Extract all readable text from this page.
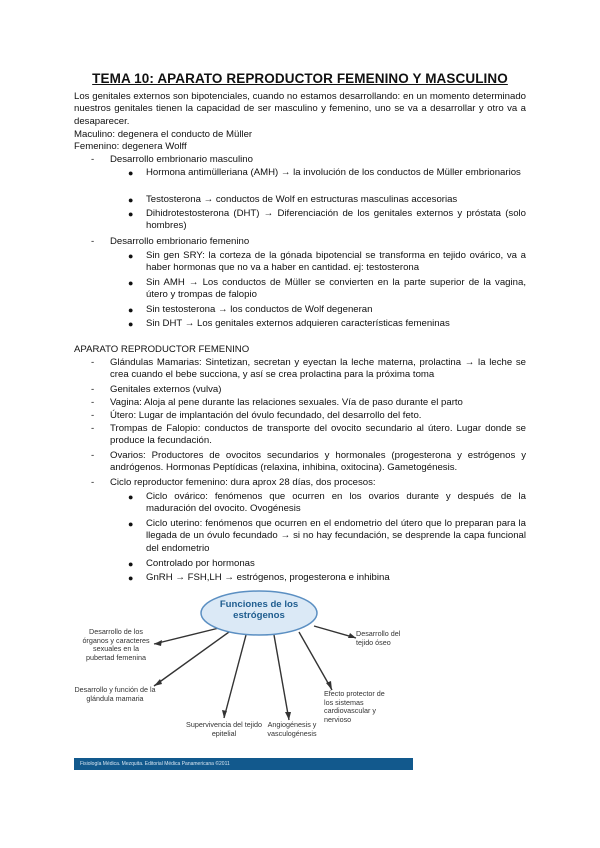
TEMA 10: APARATO REPRODUCTOR FEMENINO Y MASCULINO
Los genitales externos son bipotenciales, cuando no estamos desarrollando: en un momento determinado nuestros genitales tienen la capacidad de ser masculino y femenino, uno se va a desarrollar y otro va a desaparecer.
Maculino: degenera el conducto de Müller
Femenino: degenera Wolff
- Desarrollo embrionario masculino
● Hormona antimülleriana (AMH) → la involución de los conductos de Müller embrionarios
● Testosterona → conductos de Wolf en estructuras masculinas accesorias
● Dihidrotestosterona (DHT) → Diferenciación de los genitales externos y próstata (solo hombres)
- Desarrollo embrionario femenino
● Sin gen SRY: la corteza de la gónada bipotencial se transforma en tejido ovárico, va a haber hormonas que no va a haber en cantidad. ej: testosterona
● Sin AMH → Los conductos de Müller se convierten en la parte superior de la vagina, útero y trompas de falopio
● Sin testosterona → los conductos de Wolf degeneran
● Sin DHT → Los genitales externos adquieren características femeninas
APARATO REPRODUCTOR FEMENINO
- Glándulas Mamarias: Sintetizan, secretan y eyectan la leche materna, prolactina → la leche se crea cuando el bebe succiona, y así se crea prolactina para la próxima toma
- Genitales externos (vulva)
- Vagina: Aloja al pene durante las relaciones sexuales. Vía de paso durante el parto
- Útero: Lugar de implantación del óvulo fecundado, del desarrollo del feto.
- Trompas de Falopio: conductos de transporte del ovocito secundario al útero. Lugar donde se produce la fecundación.
- Ovarios: Productores de ovocitos secundarios y hormonales (progesterona y estrógenos y andrógenos. Hormonas Peptídicas (relaxina, inhibina, oxitocina). Gametogénesis.
- Ciclo reproductor femenino: dura aprox 28 días, dos procesos:
● Ciclo ovárico: fenómenos que ocurren en los ovarios durante y después de la maduración del ovocito. Ovogénesis
● Ciclo uterino: fenómenos que ocurren en el endometrio del útero que lo preparan para la llegada de un óvulo fecundado → si no hay fecundación, se desprende la capa funcional del endometrio
● Controlado por hormonas
● GnRH → FSH,LH → estrógenos, progesterona e inhibina
Funciones de los estrógenos
Desarrollo de los órganos y caracteres sexuales en la pubertad femenina
Desarrollo y función de la glándula mamaria
Supervivencia del tejido epitelial
Angiogénesis y vasculogénesis
Efecto protector de los sistemas cardiovascular y nervioso
Desarrollo del tejido óseo
Fisiología Médica. Mezquita. Editorial Médica Panamericana ©2011
